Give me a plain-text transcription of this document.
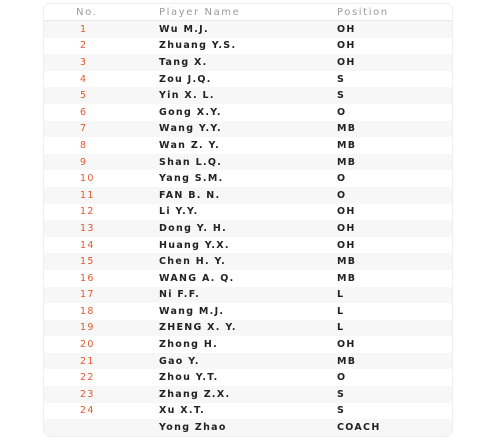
No.	Player Name	Position
1	Wu M.J.	OH
2	Zhuang Y.S.	OH
3	Tang X.	OH
4	Zou J.Q.	S
5	Yin X. L.	S
6	Gong X.Y.	O
7	Wang Y.Y.	MB
8	Wan Z. Y.	MB
9	Shan L.Q.	MB
10	Yang S.M.	O
11	FAN B. N.	O
12	Li Y.Y.	OH
13	Dong Y. H.	OH
14	Huang Y.X.	OH
15	Chen H. Y.	MB
16	WANG A. Q.	MB
17	Ni F.F.	L
18	Wang M.J.	L
19	ZHENG X. Y.	L
20	Zhong H.	OH
21	Gao Y.	MB
22	Zhou Y.T.	O
23	Zhang Z.X.	S
24	Xu X.T.	S
	Yong Zhao	COACH
